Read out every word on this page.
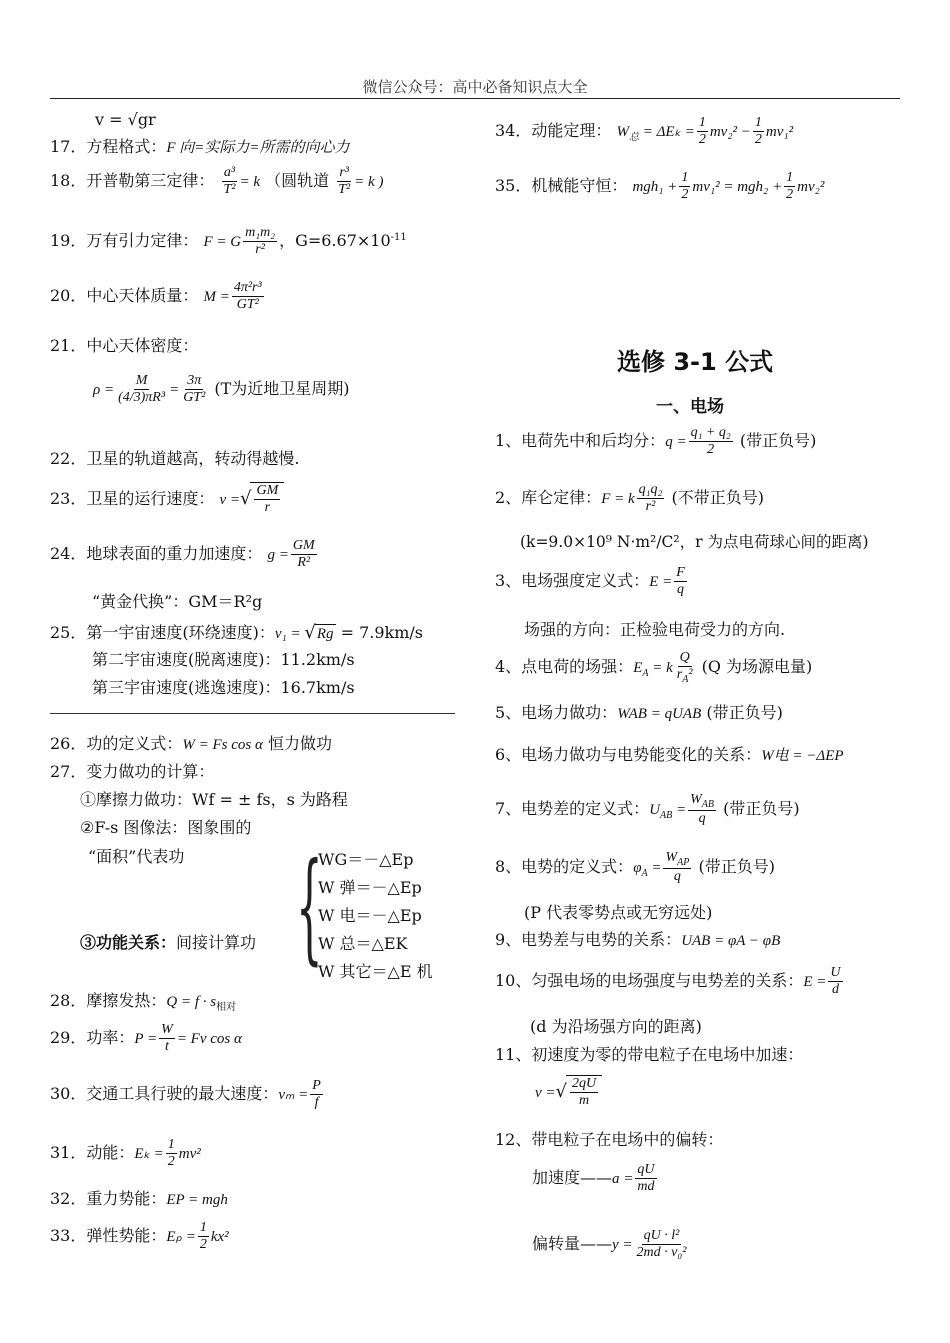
微信公众号：高中必备知识点大全
v = √gr
17．方程格式：F 向=实际力=所需的向心力
18．开普勒第三定律： $\frac{\text{a³}}{\text{T²}} = k$ （圆轨道 $\frac{\text{r³}}{\text{T²}} = k$ )
19．万有引力定律： F = G $\frac{\text{m₁m₂}}{\text{r²}}$ ，$G=6.67\times 10^{-11}$
20．中心天体质量： $M = \frac{\text{4π²r³}}{\text{GT²}}$
21．中心天体密度：
$\rho = \frac{M}{\text{(4/3)πR³}} = \frac{3\pi}{\text{GT²}} (T$为近地卫星周期)
22．卫星的轨道越高，转动得越慢.
23．卫星的运行速度： v =√ $\frac{GM}{r}$
24．地球表面的重力加速度： $g = \frac{GM}{\text{R²}}$
“黄金代换”：GM＝R²g
25．第一宇宙速度(环绕速度)：v₁ = √Rg = 7.9km/s
第二宇宙速度(脱离速度)：11.2km/s
第三宇宙速度(逃逸速度)：16.7km/s
26．功的定义式：W = Fs cos α 恒力做功
27．变力做功的计算：
①摩擦力做功：Wf = ± fs，s 为路程
②F-s 图像法：图象围的
“面积”代表功
③功能关系：间接计算功 {
WG＝－△Ep
W 弹＝－△Ep
W 电＝－△Ep
W 总＝△EK
W 其它＝△E 机
28．摩擦发热：$Q = f \cdot s_{相对}$
29．功率：$P = \frac{W}{t} = Fv$ cos α
30．交通工具行驶的最大速度：$v_m = \frac{P}{f}$
31．动能：$E_k = \frac{1}{2} mv^2$
32．重力势能：EP = mgh
33．弹性势能：$E_p = \frac{1}{2} kx^2$
34．动能定理： $W_总 = \Delta E_k = \frac{1}{2} mv_2^2 - \frac{1}{2} mv_1^2$
35．机械能守恒： $mgh_1 + \frac{1}{2} mv_1^2 = mgh_2 + \frac{1}{2} mv_2^2$
选修 3-1 公式
一、电场
1、电荷先中和后均分：$q = \frac{\text{q₁ + q₂}}{2}$ (带正负号)
2、库仑定律：F = k $\frac{\text{q₁q₂}}{\text{r²}}$ (不带正负号)
(k=9.0×10⁹ N·m²/C²，r 为点电荷球心间的距离)
3、电场强度定义式：$E = \frac{F}{q}$
场强的方向：正检验电荷受力的方向.
4、点电荷的场强：$E_A = k \frac{Q}{r_A^2} (Q$ 为场源电量)
5、电场力做功：WAB = qUAB (带正负号)
6、电场力做功与电势能变化的关系：W电 = −ΔEP
7、电势差的定义式：$U_{AB}$ =
$W_{AB}$
q
(带正负号)
8、电势的定义式：$\varphi_A$ =
$W_{AP}$
q
(带正负号)
(P 代表零势点或无穷远处)
9、电势差与电势的关系：UAB = φA − φB
10、匀强电场的电场强度与电势差的关系：$E = \frac{U}{d}$
(d 为沿场强方向的距离)
11、初速度为零的带电粒子在电场中加速：
v =√ $\frac{2qU}{m}$
12、带电粒子在电场中的偏转：
加速度——a = $\frac{qU}{md}$
偏转量——y = $\frac{\text{qU · l²}}{\text{2md · v₀²}}$
